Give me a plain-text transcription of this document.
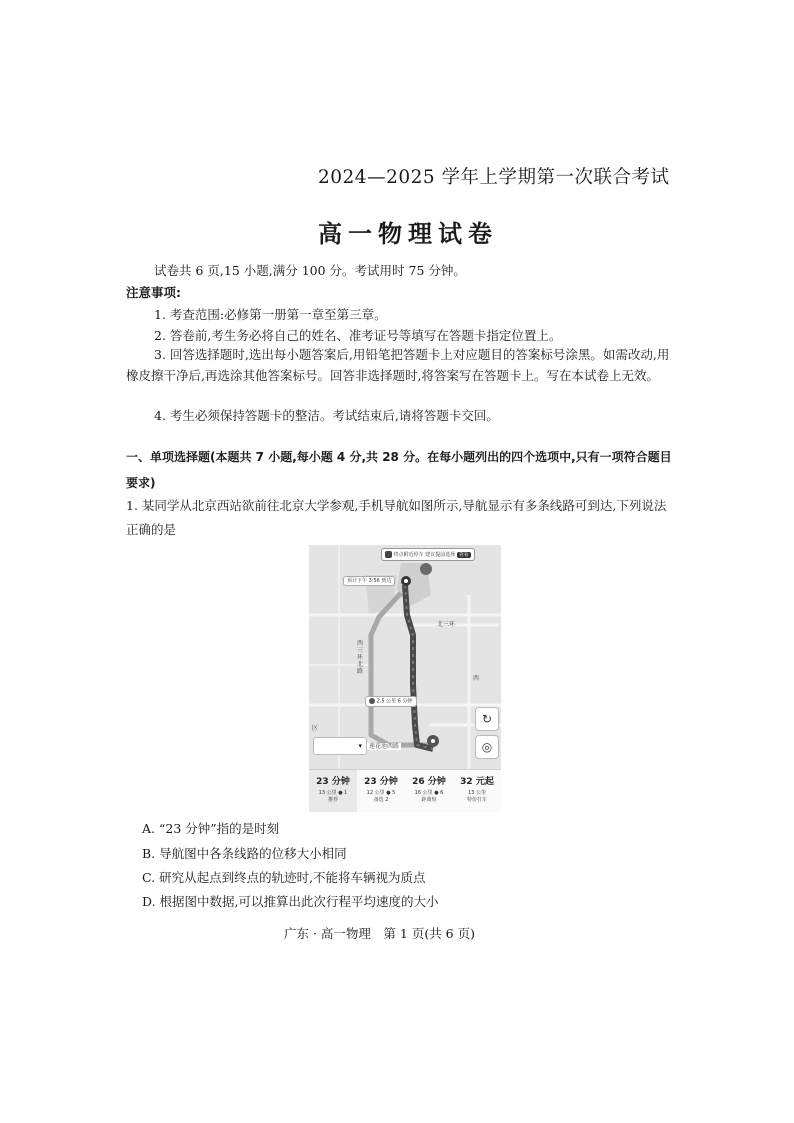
2024—2025 学年上学期第一次联合考试
高一物理试卷
试卷共 6 页,15 小题,满分 100 分。考试用时 75 分钟。
注意事项:
1. 考查范围:必修第一册第一章至第三章。
2. 答卷前,考生务必将自己的姓名、准考证号等填写在答题卡指定位置上。
3. 回答选择题时,选出每小题答案后,用铅笔把答题卡上对应题目的答案标号涂黑。如需改动,用橡皮擦干净后,再选涂其他答案标号。回答非选择题时,将答案写在答题卡上。写在本试卷上无效。
4. 考生必须保持答题卡的整洁。考试结束后,请将答题卡交回。
一、单项选择题(本题共 7 小题,每小题 4 分,共 28 分。在每小题列出的四个选项中,只有一项符合题目要求)
1. 某同学从北京西站欲前往北京大学参观,手机导航如图所示,导航显示有多条线路可到达,下列说法正确的是
终点附近停车 建议提前选择 查看
预计下午 3:56 到达
2.5 公里 6 分钟
北三环
西三环北路
区
西
莲花池西路
↻
◎
▾
23 分钟
13 公里 ● 1
推荐
23 分钟
12 公里 ● 5
备选 2
26 分钟
16 公里 ● 6
距离短
32 元起
13 公里
特价打车
A. “23 分钟”指的是时刻
B. 导航图中各条线路的位移大小相同
C. 研究从起点到终点的轨迹时,不能将车辆视为质点
D. 根据图中数据,可以推算出此次行程平均速度的大小
广东 · 高一物理　第 1 页(共 6 页)
